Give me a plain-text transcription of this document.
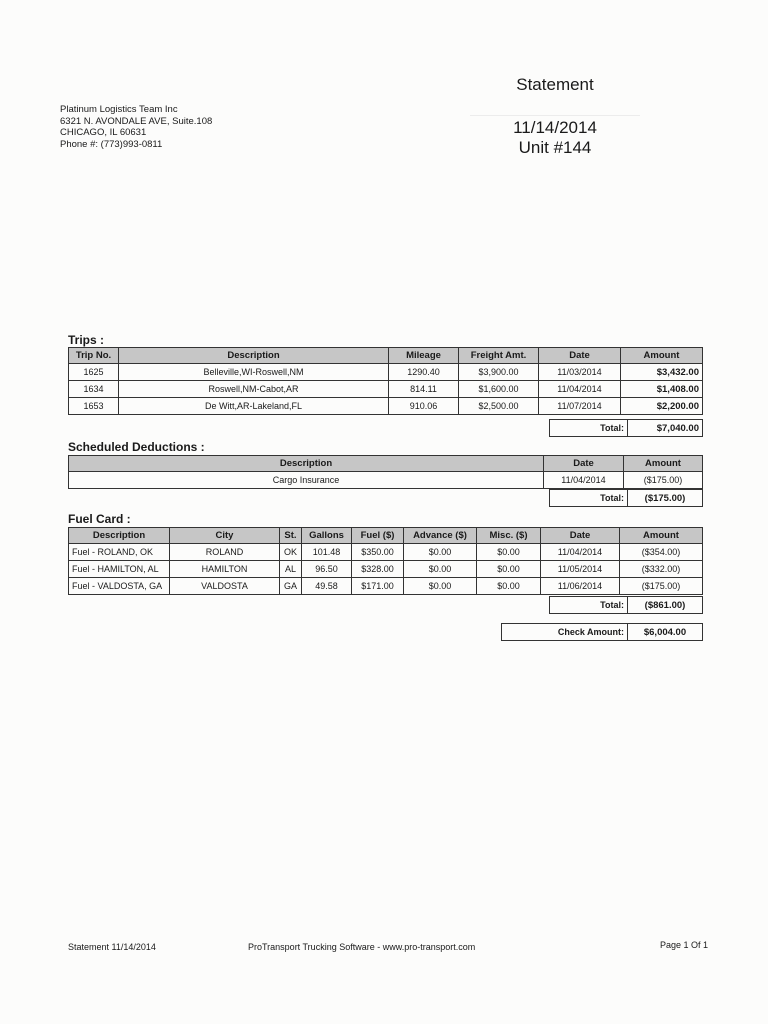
Platinum Logistics Team Inc
6321 N. AVONDALE AVE, Suite.108
CHICAGO, IL 60631
Phone #: (773)993-0811
Statement
11/14/2014
Unit #144
Trips :
Trip No.	Description	Mileage	Freight Amt.	Date	Amount
1625	Belleville,WI-Roswell,NM	1290.40	$3,900.00	11/03/2014	$3,432.00
1634	Roswell,NM-Cabot,AR	814.11	$1,600.00	11/04/2014	$1,408.00
1653	De Witt,AR-Lakeland,FL	910.06	$2,500.00	11/07/2014	$2,200.00
Total:	$7,040.00
Scheduled Deductions :
Description	Date	Amount
Cargo Insurance	11/04/2014	($175.00)
Total:	($175.00)
Fuel Card :
Description	City	St.	Gallons	Fuel ($)	Advance ($)	Misc. ($)	Date	Amount
Fuel - ROLAND, OK	ROLAND	OK	101.48	$350.00	$0.00	$0.00	11/04/2014	($354.00)
Fuel - HAMILTON, AL	HAMILTON	AL	96.50	$328.00	$0.00	$0.00	11/05/2014	($332.00)
Fuel - VALDOSTA, GA	VALDOSTA	GA	49.58	$171.00	$0.00	$0.00	11/06/2014	($175.00)
Total:	($861.00)
Check Amount:	$6,004.00
Statement 11/14/2014	ProTransport Trucking Software - www.pro-transport.com	Page 1 Of 1
